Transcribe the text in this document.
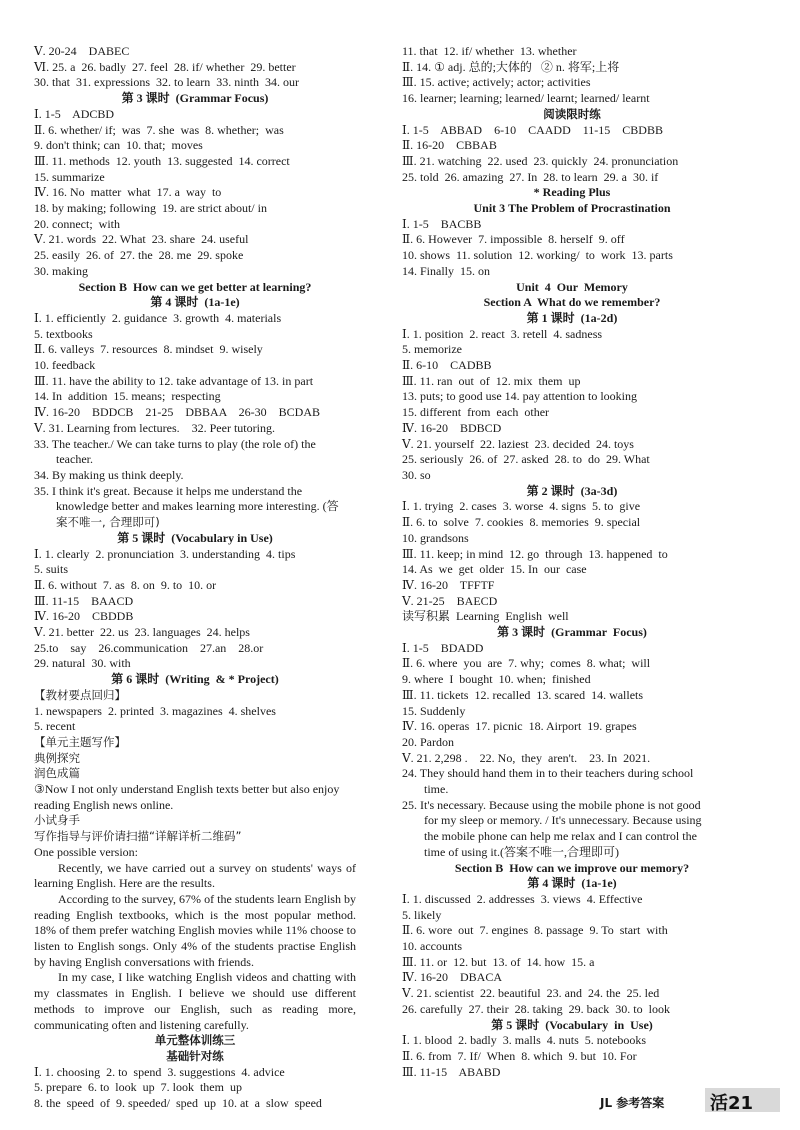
Ⅴ. 20-24    DABEC
Ⅵ. 25. a  26. badly  27. feel  28. if/ whether  29. better
30. that  31. expressions  32. to learn  33. ninth  34. our
第 3 课时  (Grammar Focus)
Ⅰ. 1-5    ADCBD
Ⅱ. 6. whether/ if;  was  7. she  was  8. whether;  was
9. don't think; can  10. that;  moves
Ⅲ. 11. methods  12. youth  13. suggested  14. correct
15. summarize
Ⅳ. 16. No  matter  what  17. a  way  to
18. by making; following  19. are strict about/ in
20. connect;  with
Ⅴ. 21. words  22. What  23. share  24. useful
25. easily  26. of  27. the  28. me  29. spoke
30. making
Section B  How can we get better at learning?
第 4 课时  (1a-1e)
Ⅰ. 1. efficiently  2. guidance  3. growth  4. materials
5. textbooks
Ⅱ. 6. valleys  7. resources  8. mindset  9. wisely
10. feedback
Ⅲ. 11. have the ability to 12. take advantage of 13. in part
14. In  addition  15. means;  respecting
Ⅳ. 16-20    BDDCB    21-25    DBBAA    26-30    BCDAB
Ⅴ. 31. Learning from lectures.    32. Peer tutoring.
33. The teacher./ We can take turns to play (the role of) the
teacher.
34. By making us think deeply.
35. I think it's great. Because it helps me understand the
knowledge better and makes learning more interesting. (答
案不唯一, 合理即可)
第 5 课时  (Vocabulary in Use)
Ⅰ. 1. clearly  2. pronunciation  3. understanding  4. tips
5. suits
Ⅱ. 6. without  7. as  8. on  9. to  10. or
Ⅲ. 11-15    BAACD
Ⅳ. 16-20    CBDDB
Ⅴ. 21. better  22. us  23. languages  24. helps
25.to    say    26.communication    27.an    28.or
29. natural  30. with
第 6 课时  (Writing  & * Project)
【教材要点回归】
1. newspapers  2. printed  3. magazines  4. shelves
5. recent
【单元主题写作】
典例探究
润色成篇
③Now I not only understand English texts better but also enjoy
reading English news online.
小试身手
写作指导与评价请扫描“详解详析二维码”
One possible version:
Recently, we have carried out a survey on students' ways of learning English. Here are the results.
According to the survey, 67% of the students learn English by reading English textbooks, which is the most popular method. 18% of them prefer watching English movies while 11% choose to listen to English songs. Only 4% of the students practise English by having English conversations with friends.
In my case, I like watching English videos and chatting with my classmates in English. I believe we should use different methods to improve our English, such as reading more, communicating often and listening carefully.
单元整体训练三
基础针对练
Ⅰ. 1. choosing  2. to  spend  3. suggestions  4. advice
5. prepare  6. to  look  up  7. look  them  up
8. the  speed  of  9. speeded/  sped  up  10. at  a  slow  speed
11. that  12. if/ whether  13. whether
Ⅱ. 14. ① adj. 总的;大体的   ② n. 将军;上将
Ⅲ. 15. active; actively; actor; activities
16. learner; learning; learned/ learnt; learned/ learnt
阅读限时练
Ⅰ. 1-5    ABBAD    6-10    CAADD    11-15    CBDBB
Ⅱ. 16-20    CBBAB
Ⅲ. 21. watching  22. used  23. quickly  24. pronunciation
25. told  26. amazing  27. In  28. to learn  29. a  30. if
* Reading Plus
Unit 3 The Problem of Procrastination
Ⅰ. 1-5    BACBB
Ⅱ. 6. However  7. impossible  8. herself  9. off
10. shows  11. solution  12. working/  to  work  13. parts
14. Finally  15. on
Unit  4  Our  Memory
Section A  What do we remember?
第 1 课时  (1a-2d)
Ⅰ. 1. position  2. react  3. retell  4. sadness
5. memorize
Ⅱ. 6-10    CADBB
Ⅲ. 11. ran  out  of  12. mix  them  up
13. puts; to good use 14. pay attention to looking
15. different  from  each  other
Ⅳ. 16-20    BDBCD
Ⅴ. 21. yourself  22. laziest  23. decided  24. toys
25. seriously  26. of  27. asked  28. to  do  29. What
30. so
第 2 课时  (3a-3d)
Ⅰ. 1. trying  2. cases  3. worse  4. signs  5. to  give
Ⅱ. 6. to  solve  7. cookies  8. memories  9. special
10. grandsons
Ⅲ. 11. keep; in mind  12. go  through  13. happened  to
14. As  we  get  older  15. In  our  case
Ⅳ. 16-20    TFFTF
Ⅴ. 21-25    BAECD
读写积累  Learning  English  well
第 3 课时  (Grammar  Focus)
Ⅰ. 1-5    BDADD
Ⅱ. 6. where  you  are  7. why;  comes  8. what;  will
9. where  I  bought  10. when;  finished
Ⅲ. 11. tickets  12. recalled  13. scared  14. wallets
15. Suddenly
Ⅳ. 16. operas  17. picnic  18. Airport  19. grapes
20. Pardon
Ⅴ. 21. 2,298 .    22. No,  they  aren't.    23. In  2021.
24. They should hand them in to their teachers during school
time.
25. It's necessary. Because using the mobile phone is not good
for my sleep or memory. / It's unnecessary. Because using
the mobile phone can help me relax and I can control the
time of using it.(答案不唯一,合理即可)
Section B  How can we improve our memory?
第 4 课时  (1a-1e)
Ⅰ. 1. discussed  2. addresses  3. views  4. Effective
5. likely
Ⅱ. 6. wore  out  7. engines  8. passage  9. To  start  with
10. accounts
Ⅲ. 11. or  12. but  13. of  14. how  15. a
Ⅳ. 16-20    DBACA
Ⅴ. 21. scientist  22. beautiful  23. and  24. the  25. led
26. carefully  27. their  28. taking  29. back  30. to  look
第 5 课时  (Vocabulary  in  Use)
Ⅰ. 1. blood  2. badly  3. malls  4. nuts  5. notebooks
Ⅱ. 6. from  7. If/  When  8. which  9. but  10. For
Ⅲ. 11-15    ABABD
JL 参考答案	活21
